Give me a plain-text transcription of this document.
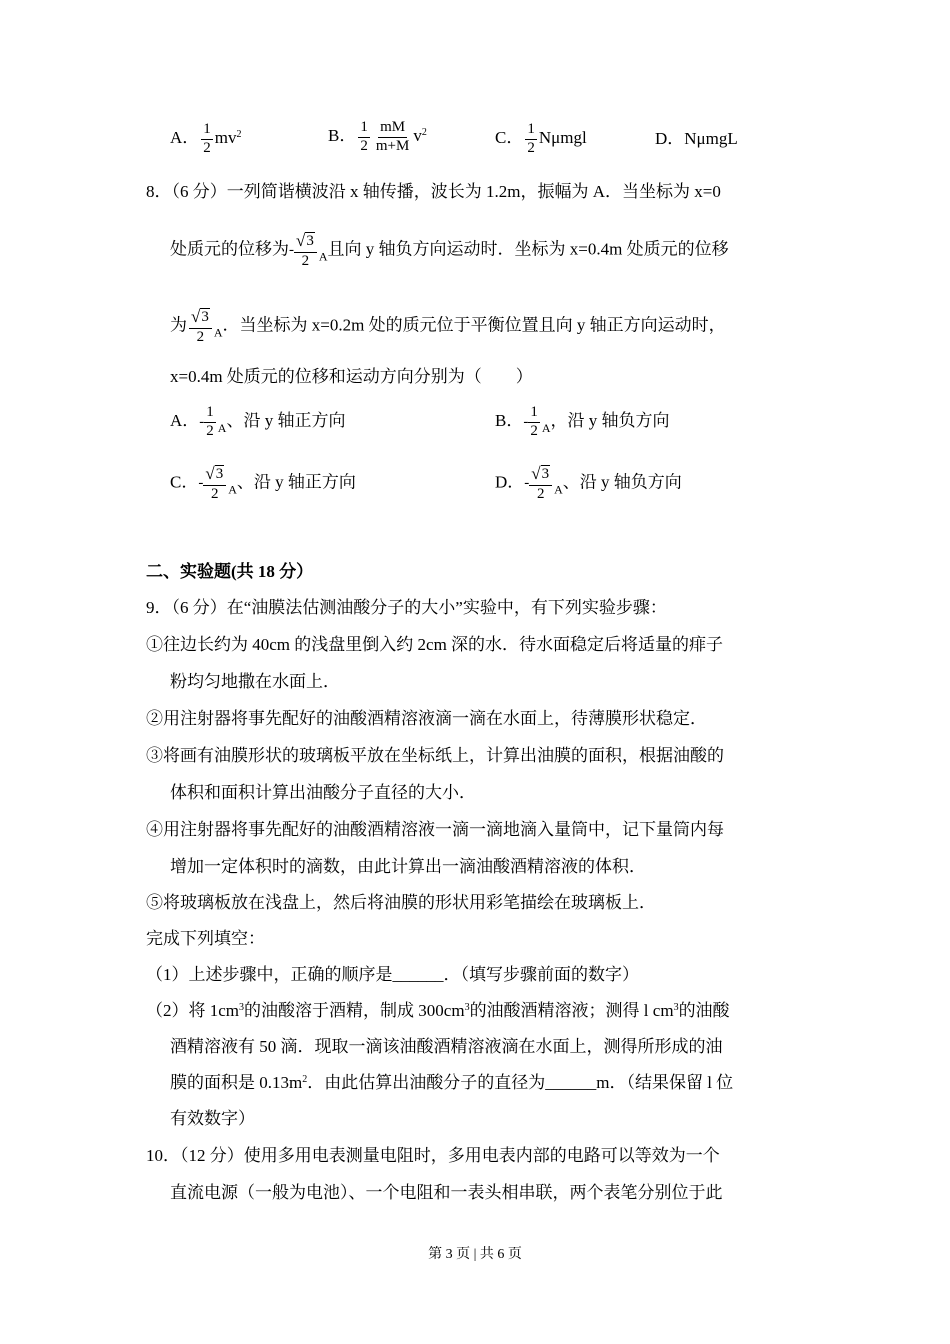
A． $\frac{1}{2} mv^2$	B． $\frac{1}{2} \frac{mM}{m+M} v^2$	C． $\frac{1}{2}$ Nμmgl	D．NμmgL
8．（6 分）一列简谐横波沿 x 轴传播，波长为 1.2m，振幅为 A．当坐标为 x=0
处质元的位移为- $\frac{√ 3}{2} _A$且向 y 轴负方向运动时．坐标为 x=0.4m 处质元的位移
为 $\frac{√ 3}{2} _A$．当坐标为 x=0.2m 处的质元位于平衡位置且向 y 轴正方向运动时，
x=0.4m 处质元的位移和运动方向分别为（　　）
A．- $\frac{1}{2} _A$、沿 y 轴正方向	B．- $\frac{1}{2} _A$，沿 y 轴负方向
C．- $\frac{√ 3}{2} _A$、沿 y 轴正方向	D．- $\frac{√ 3}{2} _A$、沿 y 轴负方向
二、实验题(共 18 分）
9．（6 分）在“油膜法估测油酸分子的大小”实验中，有下列实验步骤：
①往边长约为 40cm 的浅盘里倒入约 2cm 深的水．待水面稳定后将适量的痱子
粉均匀地撒在水面上．
②用注射器将事先配好的油酸酒精溶液滴一滴在水面上，待薄膜形状稳定．
③将画有油膜形状的玻璃板平放在坐标纸上，计算出油膜的面积，根据油酸的
体积和面积计算出油酸分子直径的大小．
④用注射器将事先配好的油酸酒精溶液一滴一滴地滴入量筒中，记下量筒内每
增加一定体积时的滴数，由此计算出一滴油酸酒精溶液的体积．
⑤将玻璃板放在浅盘上，然后将油膜的形状用彩笔描绘在玻璃板上．
完成下列填空：
（1）上述步骤中，正确的顺序是______．（填写步骤前面的数字）
（2）将 $1cm^3$的油酸溶于酒精，制成 $300cm^3$的油酸酒精溶液；测得 l $cm^3$的油酸
酒精溶液有 50 滴．现取一滴该油酸酒精溶液滴在水面上，测得所形成的油
膜的面积是 $0.13m^2$．由此估算出油酸分子的直径为______m．（结果保留 l 位
有效数字）
10．（12 分）使用多用电表测量电阻时，多用电表内部的电路可以等效为一个
直流电源（一般为电池）、一个电阻和一表头相串联，两个表笔分别位于此
第 3 页 | 共 6 页
